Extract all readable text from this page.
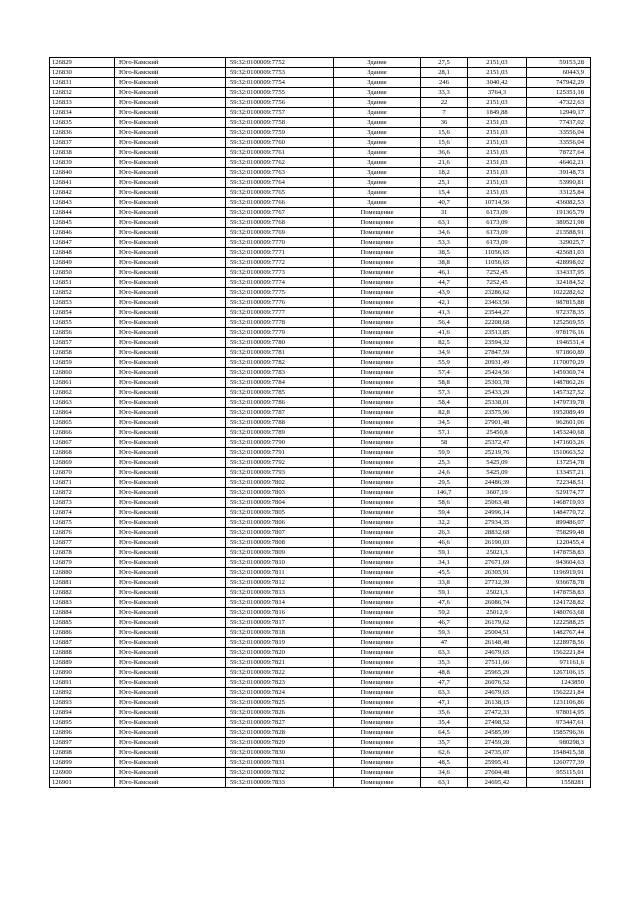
126829	Юго-Камский	59:32:0100009:7752	Здание	27,5	2151,03	59153,28
126830	Юго-Камский	59:32:0100009:7753	Здание	28,1	2151,03	60443,9
126831	Юго-Камский	59:32:0100009:7754	Здание	246	3040,42	747942,29
126832	Юго-Камский	59:32:0100009:7755	Здание	33,3	3764,3	125351,18
126833	Юго-Камский	59:32:0100009:7756	Здание	22	2151,03	47322,63
126834	Юго-Камский	59:32:0100009:7757	Здание	7	1849,88	12949,17
126835	Юго-Камский	59:32:0100009:7758	Здание	36	2151,03	77437,02
126836	Юго-Камский	59:32:0100009:7759	Здание	15,6	2151,03	33556,04
126837	Юго-Камский	59:32:0100009:7760	Здание	15,6	2151,03	33556,04
126838	Юго-Камский	59:32:0100009:7761	Здание	36,6	2151,03	78727,64
126839	Юго-Камский	59:32:0100009:7762	Здание	21,6	2151,03	46462,21
126840	Юго-Камский	59:32:0100009:7763	Здание	18,2	2151,03	39148,73
126841	Юго-Камский	59:32:0100009:7764	Здание	25,1	2151,03	53990,81
126842	Юго-Камский	59:32:0100009:7765	Здание	15,4	2151,03	33125,84
126843	Юго-Камский	59:32:0100009:7766	Здание	40,7	10714,56	436082,53
126844	Юго-Камский	59:32:0100009:7767	Помещение	31	6173,09	191365,79
126845	Юго-Камский	59:32:0100009:7768	Помещение	63,1	6173,09	389521,98
126846	Юго-Камский	59:32:0100009:7769	Помещение	34,6	6173,09	213588,91
126847	Юго-Камский	59:32:0100009:7770	Помещение	53,3	6173,09	329025,7
126848	Юго-Камский	59:32:0100009:7771	Помещение	38,5	11056,65	425681,03
126849	Юго-Камский	59:32:0100009:7772	Помещение	38,8	11056,65	428998,02
126850	Юго-Камский	59:32:0100009:7773	Помещение	46,1	7252,45	334337,95
126851	Юго-Камский	59:32:0100009:7774	Помещение	44,7	7252,45	324184,52
126852	Юго-Камский	59:32:0100009:7775	Помещение	43,9	23286,62	1022282,62
126853	Юго-Камский	59:32:0100009:7776	Помещение	42,1	23463,56	987815,88
126854	Юго-Камский	59:32:0100009:7777	Помещение	41,3	23544,27	972378,35
126855	Юго-Камский	59:32:0100009:7778	Помещение	56,4	22208,68	1252569,55
126856	Юго-Камский	59:32:0100009:7779	Помещение	41,6	23513,85	978176,16
126857	Юго-Камский	59:32:0100009:7780	Помещение	82,5	23594,32	1946531,4
126858	Юго-Камский	59:32:0100009:7781	Помещение	34,9	27847,59	971860,89
126859	Юго-Камский	59:32:0100009:7782	Помещение	55,9	20931,49	1170070,29
126860	Юго-Камский	59:32:0100009:7783	Помещение	57,4	25424,56	1459369,74
126861	Юго-Камский	59:32:0100009:7784	Помещение	58,8	25303,78	1487862,26
126862	Юго-Камский	59:32:0100009:7785	Помещение	57,3	25433,29	1457327,52
126863	Юго-Камский	59:32:0100009:7786	Помещение	58,4	25338,01	1479739,78
126864	Юго-Камский	59:32:0100009:7787	Помещение	82,8	23575,96	1952089,49
126865	Юго-Камский	59:32:0100009:7788	Помещение	34,5	27901,48	962601,06
126866	Юго-Камский	59:32:0100009:7789	Помещение	57,1	25450,8	1453240,68
126867	Юго-Камский	59:32:0100009:7790	Помещение	58	25372,47	1471603,26
126868	Юго-Камский	59:32:0100009:7791	Помещение	59,9	25219,76	1510663,52
126869	Юго-Камский	59:32:0100009:7792	Помещение	25,3	5425,09	137254,78
126870	Юго-Камский	59:32:0100009:7793	Помещение	24,6	5425,09	133457,21
126871	Юго-Камский	59:32:0100009:7802	Помещение	29,5	24486,39	722348,51
126872	Юго-Камский	59:32:0100009:7803	Помещение	146,7	3607,19	529174,77
126873	Юго-Камский	59:32:0100009:7804	Помещение	58,6	25063,48	1468719,93
126874	Юго-Камский	59:32:0100009:7805	Помещение	59,4	24996,14	1484770,72
126875	Юго-Камский	59:32:0100009:7806	Помещение	32,2	27934,35	899486,07
126876	Юго-Камский	59:32:0100009:7807	Помещение	26,3	28832,68	758299,48
126877	Юго-Камский	59:32:0100009:7808	Помещение	46,6	26190,03	1220455,4
126878	Юго-Камский	59:32:0100009:7809	Помещение	59,1	25021,3	1478758,83
126879	Юго-Камский	59:32:0100009:7810	Помещение	34,1	27671,69	943604,63
126880	Юго-Камский	59:32:0100009:7811	Помещение	45,5	26305,91	1196919,91
126881	Юго-Камский	59:32:0100009:7812	Помещение	33,8	27712,39	936678,78
126882	Юго-Камский	59:32:0100009:7813	Помещение	59,1	25021,3	1478758,83
126883	Юго-Камский	59:32:0100009:7814	Помещение	47,6	26086,74	1241728,82
126884	Юго-Камский	59:32:0100009:7816	Помещение	59,2	25012,9	1480763,68
126885	Юго-Камский	59:32:0100009:7817	Помещение	46,7	26179,62	1222588,25
126886	Юго-Камский	59:32:0100009:7818	Помещение	59,3	25004,51	1482767,44
126887	Юго-Камский	59:32:0100009:7819	Помещение	47	26148,48	1228978,56
126888	Юго-Камский	59:32:0100009:7820	Помещение	63,3	24679,65	1562221,84
126889	Юго-Камский	59:32:0100009:7821	Помещение	35,3	27511,66	971161,6
126890	Юго-Камский	59:32:0100009:7822	Помещение	48,8	25965,29	1267106,15
126891	Юго-Камский	59:32:0100009:7823	Помещение	47,7	26076,52	1243850
126892	Юго-Камский	59:32:0100009:7824	Помещение	63,3	24679,65	1562221,84
126893	Юго-Камский	59:32:0100009:7825	Помещение	47,1	26138,15	1231106,86
126894	Юго-Камский	59:32:0100009:7826	Помещение	35,6	27472,33	978014,95
126895	Юго-Камский	59:32:0100009:7827	Помещение	35,4	27498,52	973447,61
126896	Юго-Камский	59:32:0100009:7828	Помещение	64,5	24585,99	1585796,36
126897	Юго-Камский	59:32:0100009:7829	Помещение	35,7	27459,28	980298,3
126898	Юго-Камский	59:32:0100009:7830	Помещение	62,6	24735,07	1548415,38
126899	Юго-Камский	59:32:0100009:7831	Помещение	48,5	25995,41	1260777,39
126900	Юго-Камский	59:32:0100009:7832	Помещение	34,6	27604,48	955115,01
126901	Юго-Камский	59:32:0100009:7833	Помещение	63,1	24695,42	1558281
